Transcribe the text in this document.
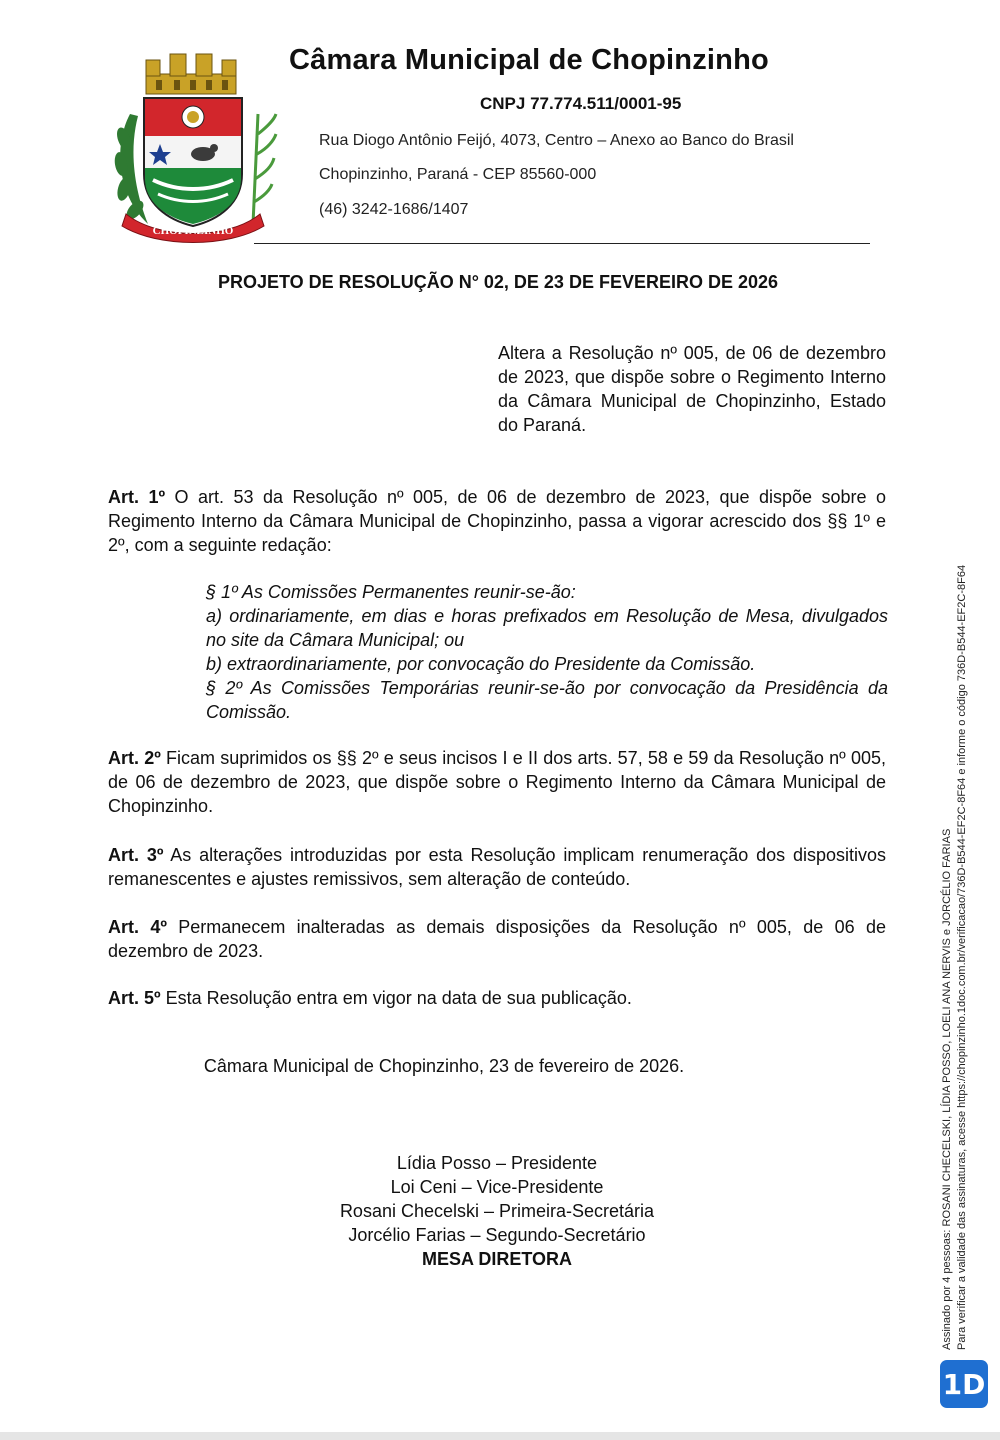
CHOPINZINHO
Câmara Municipal de Chopinzinho
CNPJ 77.774.511/0001-95
Rua Diogo Antônio Feijó, 4073, Centro – Anexo ao Banco do Brasil
Chopinzinho, Paraná - CEP 85560-000
(46) 3242-1686/1407
PROJETO DE RESOLUÇÃO N° 02, DE 23 DE FEVEREIRO DE 2026
Altera a Resolução nº 005, de 06 de dezembro de 2023, que dispõe sobre o Regimento Interno da Câmara Municipal de Chopinzinho, Estado do Paraná.
Art. 1º O art. 53 da Resolução nº 005, de 06 de dezembro de 2023, que dispõe sobre o Regimento Interno da Câmara Municipal de Chopinzinho, passa a vigorar acrescido dos §§ 1º e 2º, com a seguinte redação:
§ 1º As Comissões Permanentes reunir-se-ão:
a) ordinariamente, em dias e horas prefixados em Resolução de Mesa, divulgados no site da Câmara Municipal; ou
b) extraordinariamente, por convocação do Presidente da Comissão.
§ 2º As Comissões Temporárias reunir-se-ão por convocação da Presidência da Comissão.
Art. 2º Ficam suprimidos os §§ 2º e seus incisos I e II dos arts. 57, 58 e 59 da Resolução nº 005, de 06 de dezembro de 2023, que dispõe sobre o Regimento Interno da Câmara Municipal de Chopinzinho.
Art. 3º As alterações introduzidas por esta Resolução implicam renumeração dos dispositivos remanescentes e ajustes remissivos, sem alteração de conteúdo.
Art. 4º Permanecem inalteradas as demais disposições da Resolução nº 005, de 06 de dezembro de 2023.
Art. 5º Esta Resolução entra em vigor na data de sua publicação.
Câmara Municipal de Chopinzinho, 23 de fevereiro de 2026.
Lídia Posso – Presidente
Loi Ceni – Vice-Presidente
Rosani Checelski – Primeira-Secretária
Jorcélio Farias – Segundo-Secretário
MESA DIRETORA	Assinado por 4 pessoas: ROSANI CHECELSKI, LÍDIA POSSO, LOELI ANA NERVIS e JORCÉLIO FARIAS Para verificar a validade das assinaturas, acesse https://chopinzinho.1doc.com.br/verificacao/736D-B544-EF2C-8F64 e informe o código 736D-B544-EF2C-8F64
1D
